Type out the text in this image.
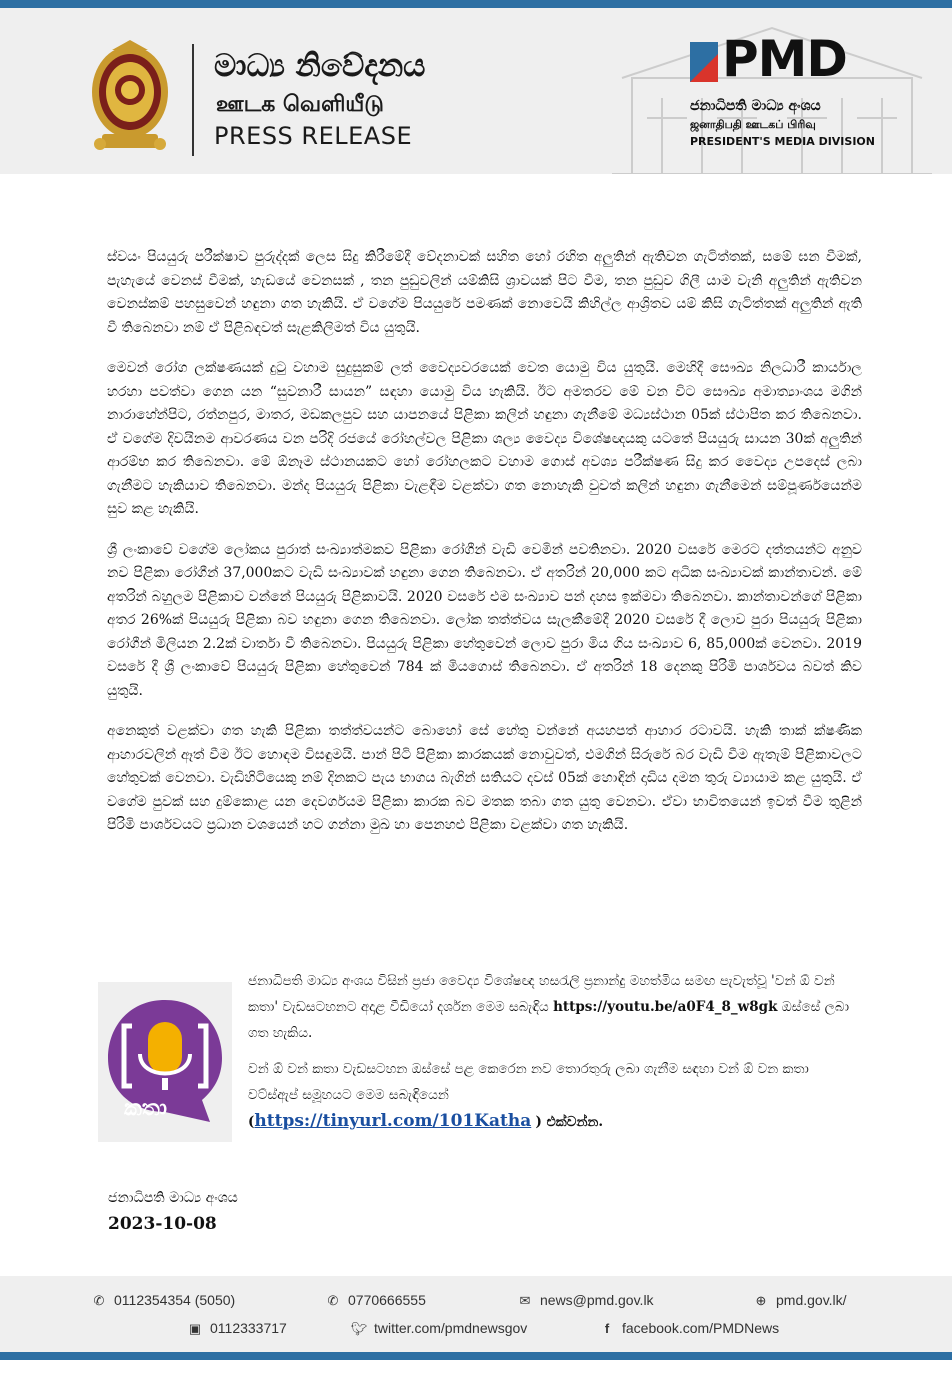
මාධ්‍ය නිවේදනය
ஊடக வெளியீடு
PRESS RELEASE
PMD
ජනාධිපති මාධ්‍ය අංශය
ஜனாதிபதி ஊடகப் பிரிவு
PRESIDENT'S MEDIA DIVISION

ස්වයං පියයුරු පරීක්ෂාව පුරුද්දක් ලෙස සිදු කිරීමේදී වේදනාවක් සහිත හෝ රහිත අලුතින් ඇතිවන ගැටිත්තක්, සමේ ඝන වීමක්, පැහැයේ වෙනස් වීමක්, හැඩයේ වෙනසක් , තන පුඩුවලින් යම්කිසි ශ්‍රාවයක් පිට වීම, තන පුඩුව ගිලී යාම වැනි අලුතින් ඇතිවන වෙනස්කම් පහසුවෙන් හඳුනා ගත හැකියි. ඒ වගේම පියයුරේ පමණක් නොවෙයි කිහිල්ල ආශ්‍රිතව යම් කිසි ගැටිත්තක් අලුතින් ඇති වී තිබෙනවා නම් ඒ පිළිබඳවත් සැළකිලිමත් විය යුතුයි.

මෙවන් රෝග ලක්ෂණයක් දුටු වහාම සුදුසුකම් ලත් වෛද්‍යවරයෙක් වෙත යොමු විය යුතුයි. මෙහිදී සෞඛ්‍ය නිලධාරී කාර්යාල හරහා පවත්වා ගෙන යන “සුවනාරී සායන” සඳහා යොමු විය හැකියි. ඊට අමතරව මේ වන විට සෞඛ්‍ය අමාත්‍යාංශය මගින් නාරාහේන්පිට, රත්නපුර, මාතර, මඩකලපුව සහ යාපනයේ පිළිකා කලින් හඳුනා ගැනීමේ මධ්‍යස්ථාන 05ක් ස්ථාපිත කර තිබෙනවා. ඒ වගේම දිවයිනම ආවරණය වන පරිදි රජයේ රෝහල්වල පිළිකා ශල්‍ය වෛද්‍ය විශේෂඥයකු යටතේ පියයුරු සායන 30ක් අලුතින් ආරම්භ කර තිබෙනවා. මේ ඕනෑම ස්ථානයකට හෝ රෝහලකට වහාම ගොස් අවශ්‍ය පරීක්ෂණ සිදු කර වෛද්‍ය උපදෙස් ලබා ගැනීමට හැකියාව තිබෙනවා. මන්ද පියයුරු පිළිකා වැළඳීම වළක්වා ගත නොහැකි වුවත් කලින් හඳුනා ගැනීමෙන් සම්පූර්ණයෙන්ම සුව කළ හැකියි.

ශ්‍රී ලංකාවේ වගේම ලෝකය පුරාත් සංඛ්‍යාත්මකව පිළිකා රෝගීන් වැඩි වෙමින් පවතිනවා. 2020 වසරේ මෙරට දත්තයන්ට අනුව නව පිළිකා රෝගීන් 37,000කට වැඩි සංඛ්‍යාවක් හඳුනා ගෙන තිබෙනවා. ඒ අතරින් 20,000 කට අධික සංඛ්‍යාවක් කාන්තාවන්. මේ අතරින් බහුලම පිළිකාව වන්නේ පියයුරු පිළිකාවයි. 2020 වසරේ එම සංඛ්‍යාව පන් දහස ඉක්මවා තිබෙනවා. කාන්තාවන්ගේ පිළිකා අතර 26%ක් පියයුරු පිළිකා බව හඳුනා ගෙන තිබෙනවා. ලෝක තත්ත්වය සැලකීමේදී 2020 වසරේ දී ලොව පුරා පියයුරු පිළිකා රෝගීන් මිලියන 2.2ක් වාර්තා වී තිබෙනවා. පියයුරු පිළිකා හේතුවෙන් ලොව පුරා මිය ගිය සංඛ්‍යාව 6, 85,000ක් වෙනවා. 2019 වසරේ දී ශ්‍රී ලංකාවේ පියයුරු පිළිකා හේතුවෙන් 784 ක් මියගොස් තිබෙනවා. ඒ අතරින් 18 දෙනකු පිරිමි පාර්ශවය බවත් කිව යුතුයි.

අනෙකුත් වළක්වා ගත හැකි පිළිකා තත්ත්වයන්ට බොහෝ සේ හේතු වන්නේ අයහපත් ආහාර රටාවයි. හැකි තාක් ක්ෂණික ආහාරවලින් ඈත් වීම ඊට හොඳම විසඳුමයි. පාන් පිටි පිළිකා කාරකයක් නොවුවත්, එමගින් සිරුරේ බර වැඩි වීම ඇතැම් පිළිකාවලට හේතුවක් වෙනවා. වැඩිහිටියෙකු නම් දිනකට පැය භාගය බැගින් සතියට දවස් 05ක් හොඳින් දාඩිය දමන තුරු ව්‍යායාම කළ යුතුයි. ඒ වගේම පුවක් සහ දුම්කොළ යන දෙවර්ගයම පිළිකා කාරක බව මතක තබා ගත යුතු වෙනවා. ඒවා භාවිතයෙන් ඉවත් වීම තුළින් පිරිමි පාර්ශවයට ප්‍රධාන වශයෙන් හට ගන්නා මුඛ හා පෙනහළු පිළිකා වළක්වා ගත හැකියි.

කතා

ජනාධිපති මාධ්‍ය අංශය විසින් ප්‍රජා වෛද්‍ය විශේෂඥ හසරැලි ප්‍රනාන්දු මහත්මිය සමඟ පැවැත්වූ 'වන් ඕ වන් කතා' වැඩසටහනට අදාළ වීඩියෝ දර්ශන මෙම සබැඳිය https://youtu.be/a0F4_8_w8gk ඔස්සේ ලබා ගත හැකිය.

වන් ඕ වන් කතා වැඩසටහන ඔස්සේ පළ කෙරෙන නව තොරතුරු ලබා ගැනීම සඳහා වන් ඕ වන කතා වට්ස්ඇප් සමූහයට මෙම සබැඳියෙන්
(https://tinyurl.com/101Katha ) එක්වන්න.

ජනාධිපති මාධ්‍ය අංශය
2023-10-08
✆ 0112354354 (5050)	✆ 0770666555	✉ news@pmd.gov.lk	⊕ pmd.gov.lk/
▣ 0112333717	🐦︎ twitter.com/pmdnewsgov	f facebook.com/PMDNews
